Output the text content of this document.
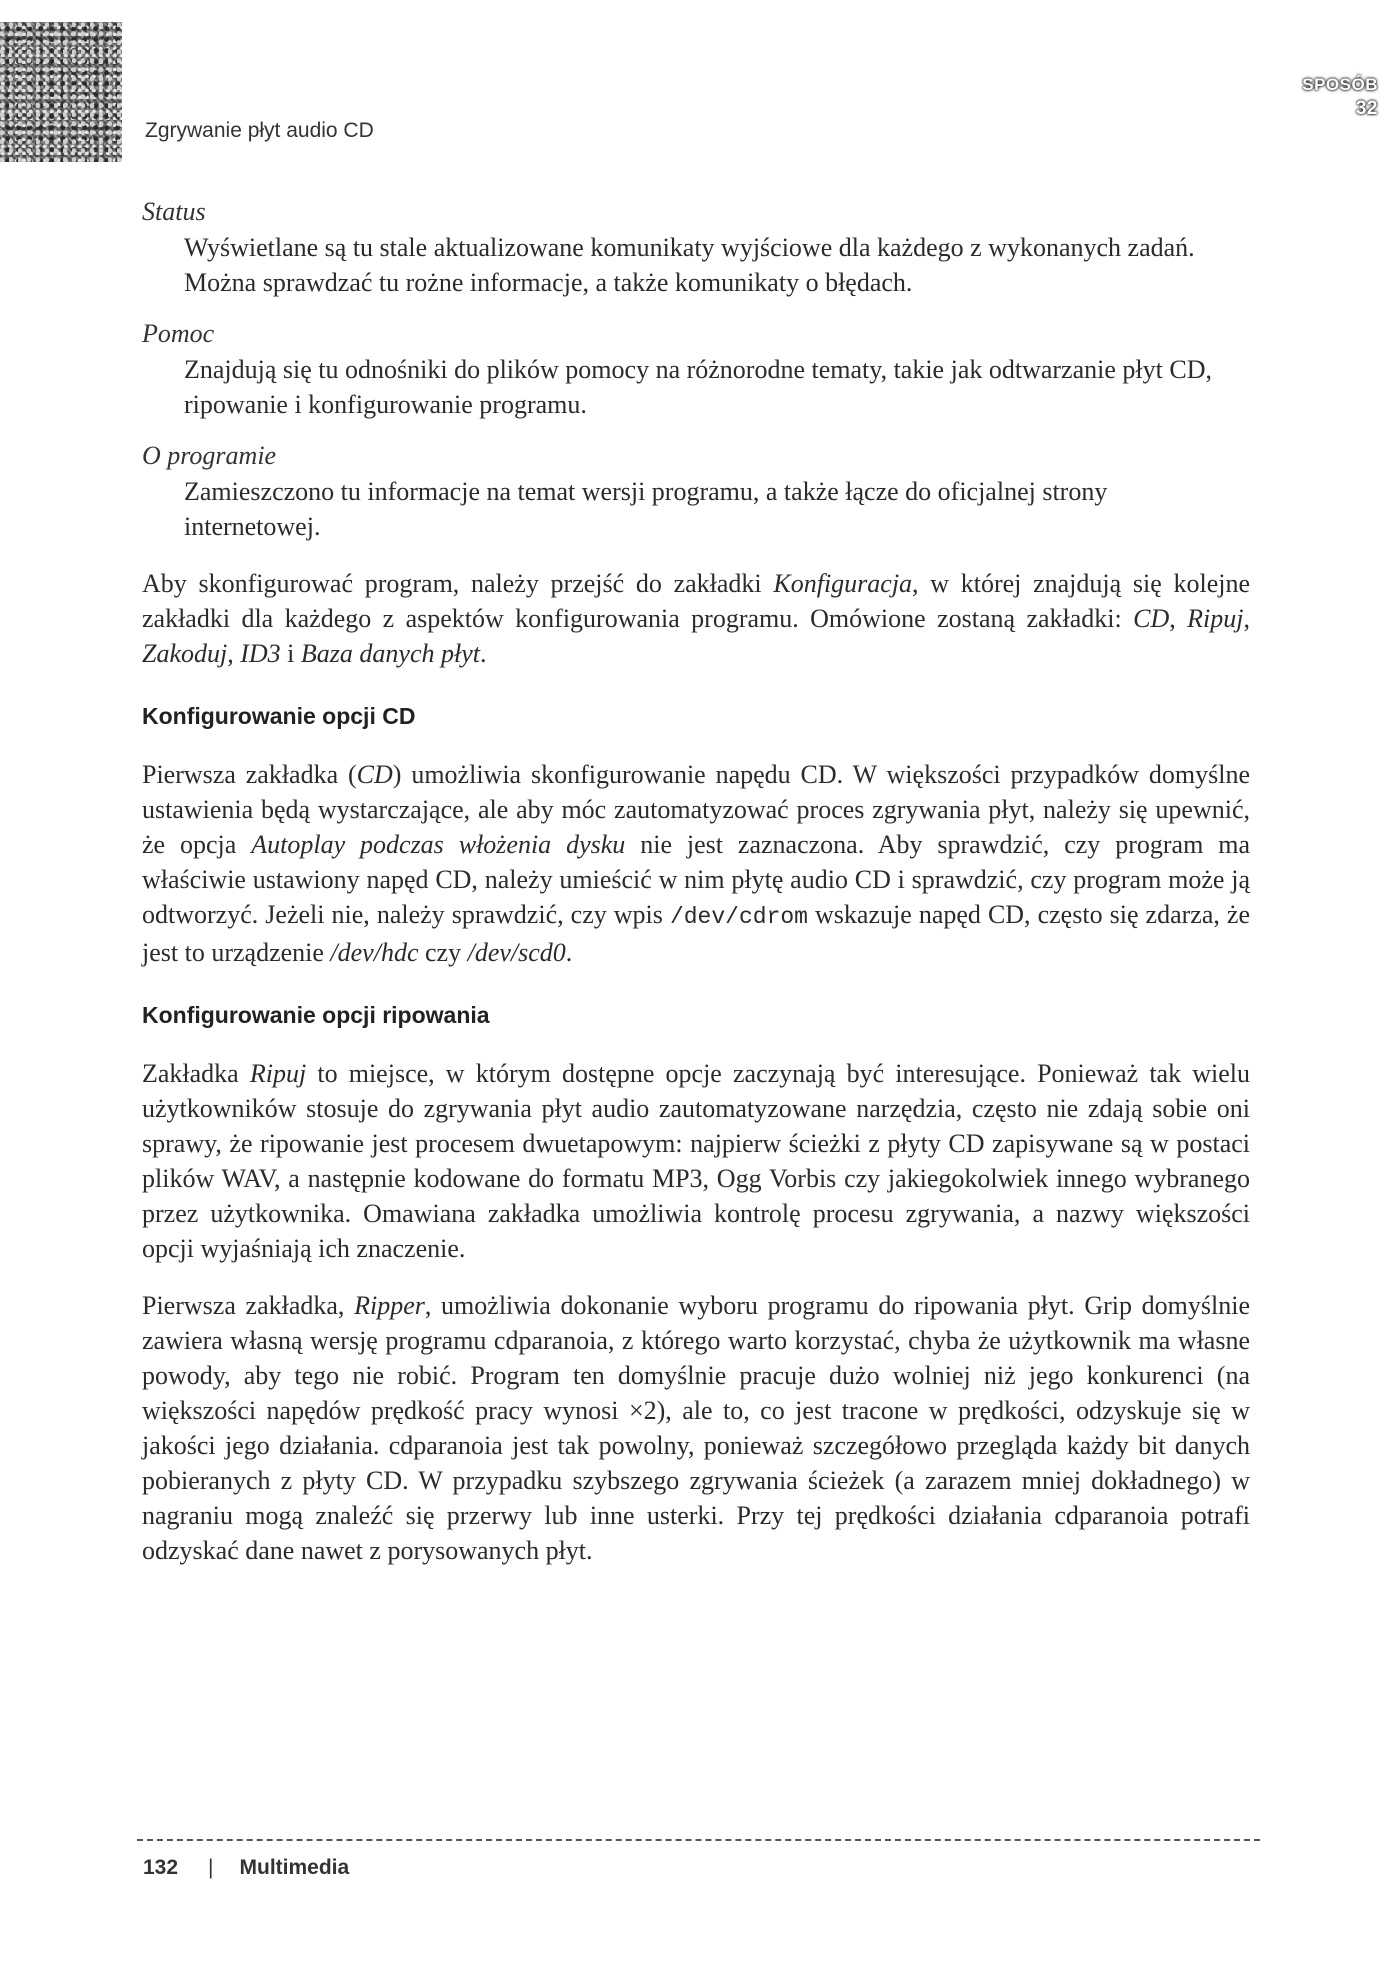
SPOSÓB
32
Zgrywanie płyt audio CD

Status

Wyświetlane są tu stale aktualizowane komunikaty wyjściowe dla każdego z wykonanych zadań. Można sprawdzać tu rożne informacje, a także komunikaty o błędach.

Pomoc

Znajdują się tu odnośniki do plików pomocy na różnorodne tematy, takie jak odtwarzanie płyt CD, ripowanie i konfigurowanie programu.

O programie

Zamieszczono tu informacje na temat wersji programu, a także łącze do oficjalnej strony internetowej.

Aby skonfigurować program, należy przejść do zakładki Konfiguracja, w której znajdują się kolejne zakładki dla każdego z aspektów konfigurowania programu. Omówione zostaną zakładki: CD, Ripuj, Zakoduj, ID3 i Baza danych płyt.

Konfigurowanie opcji CD

Pierwsza zakładka (CD) umożliwia skonfigurowanie napędu CD. W większości przypadków domyślne ustawienia będą wystarczające, ale aby móc zautomatyzować proces zgrywania płyt, należy się upewnić, że opcja Autoplay podczas włożenia dysku nie jest zaznaczona. Aby sprawdzić, czy program ma właściwie ustawiony napęd CD, należy umieścić w nim płytę audio CD i sprawdzić, czy program może ją odtworzyć. Jeżeli nie, należy sprawdzić, czy wpis /dev/cdrom wskazuje napęd CD, często się zdarza, że jest to urządzenie /dev/hdc czy /dev/scd0.

Konfigurowanie opcji ripowania

Zakładka Ripuj to miejsce, w którym dostępne opcje zaczynają być interesujące. Ponieważ tak wielu użytkowników stosuje do zgrywania płyt audio zautomatyzowane narzędzia, często nie zdają sobie oni sprawy, że ripowanie jest procesem dwuetapowym: najpierw ścieżki z płyty CD zapisywane są w postaci plików WAV, a następnie kodowane do formatu MP3, Ogg Vorbis czy jakiegokolwiek innego wybranego przez użytkownika. Omawiana zakładka umożliwia kontrolę procesu zgrywania, a nazwy większości opcji wyjaśniają ich znaczenie.

Pierwsza zakładka, Ripper, umożliwia dokonanie wyboru programu do ripowania płyt. Grip domyślnie zawiera własną wersję programu cdparanoia, z którego warto korzystać, chyba że użytkownik ma własne powody, aby tego nie robić. Program ten domyślnie pracuje dużo wolniej niż jego konkurenci (na większości napędów prędkość pracy wynosi ×2), ale to, co jest tracone w prędkości, odzyskuje się w jakości jego działania. cdparanoia jest tak powolny, ponieważ szczegółowo przegląda każdy bit danych pobieranych z płyty CD. W przypadku szybszego zgrywania ścieżek (a zarazem mniej dokładnego) w nagraniu mogą znaleźć się przerwy lub inne usterki. Przy tej prędkości działania cdparanoia potrafi odzyskać dane nawet z porysowanych płyt.

132 | Multimedia
